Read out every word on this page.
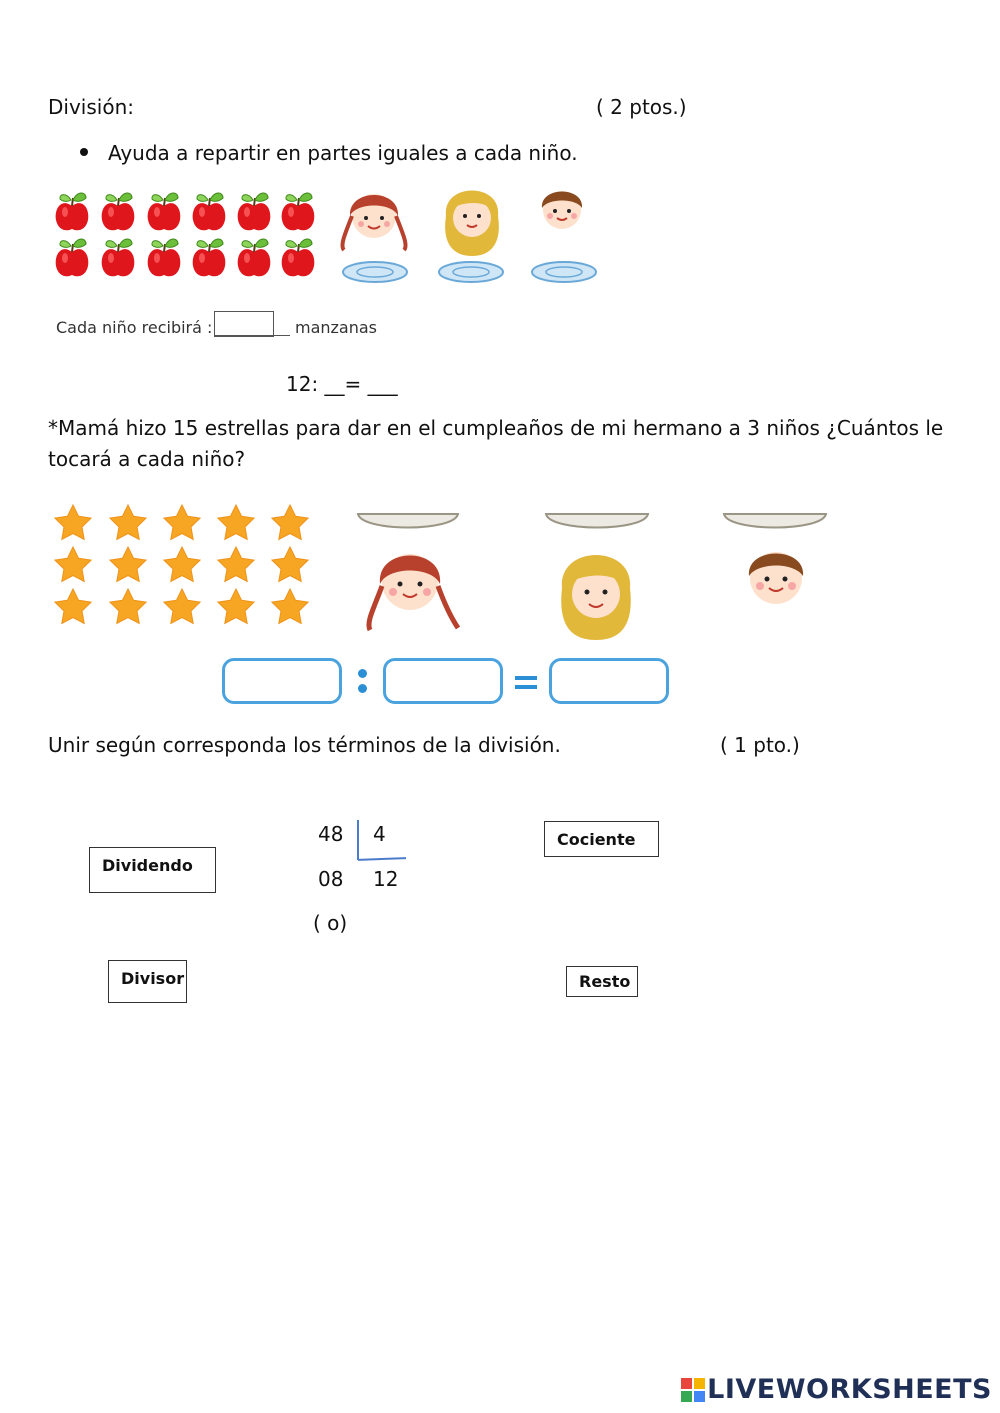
División:	( 2 ptos.)
Ayuda a repartir en partes iguales a cada niño.
Cada niño recibirá :	manzanas
12: __= ___
*Mamá hizo 15 estrellas para dar en el cumpleaños de mi hermano a 3 niños ¿Cuántos le
tocará a cada niño?
Unir según corresponda los términos de la división.	( 1 pto.)
48 4
08 12
( o)
Dividendo
Cociente
Divisor	Resto
LIVEWORKSHEETS
